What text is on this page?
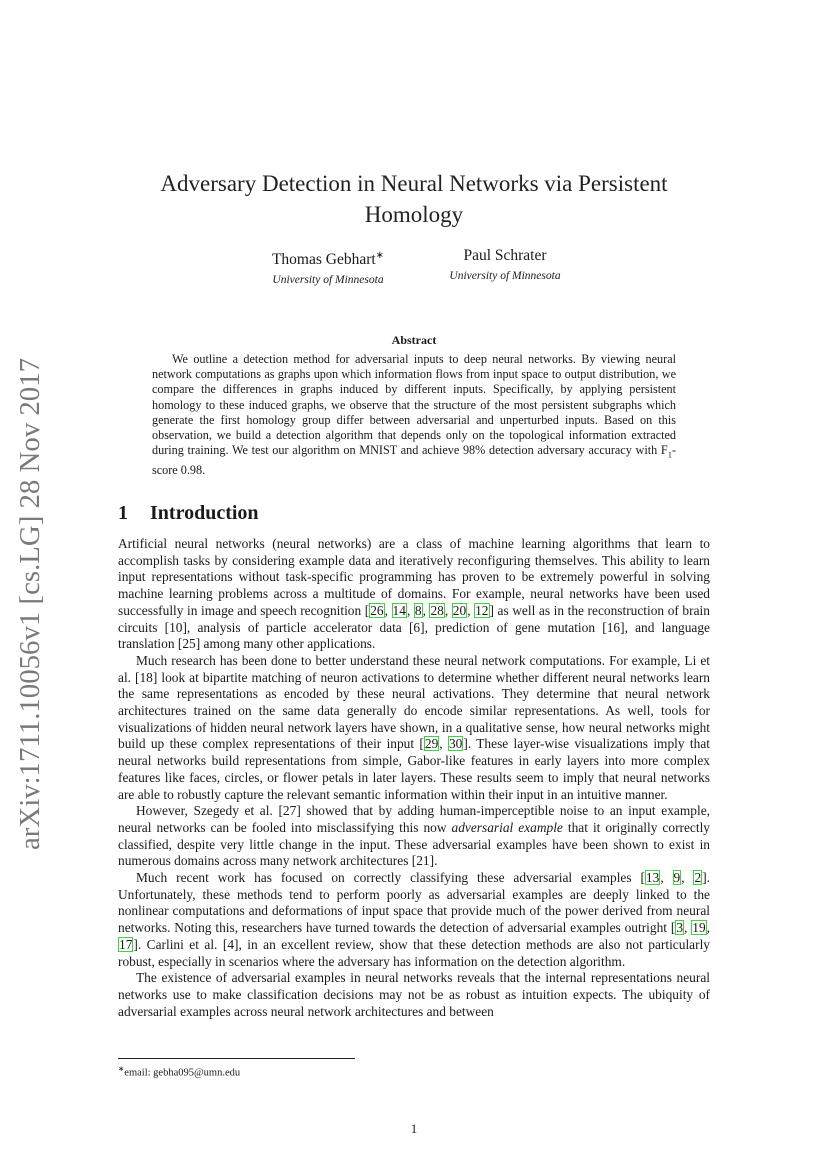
arXiv:1711.10056v1 [cs.LG] 28 Nov 2017
Adversary Detection in Neural Networks via Persistent
Homology
Thomas Gebhart∗
University of Minnesota
Paul Schrater
University of Minnesota
Abstract
We outline a detection method for adversarial inputs to deep neural networks. By viewing neural network computations as graphs upon which information flows from input space to output distribution, we compare the differences in graphs induced by different inputs. Specifically, by applying persistent homology to these induced graphs, we observe that the structure of the most persistent subgraphs which generate the first homology group differ between adversarial and unperturbed inputs. Based on this observation, we build a detection algorithm that depends only on the topological information extracted during training. We test our algorithm on MNIST and achieve 98% detection adversary accuracy with $F_1$-score 0.98.
1 Introduction

Artificial neural networks (neural networks) are a class of machine learning algorithms that learn to accomplish tasks by considering example data and iteratively reconfiguring themselves. This ability to learn input representations without task-specific programming has proven to be extremely powerful in solving machine learning problems across a multitude of domains. For example, neural networks have been used successfully in image and speech recognition [26, 14, 8, 28, 20, 12] as well as in the reconstruction of brain circuits [10], analysis of particle accelerator data [6], prediction of gene mutation [16], and language translation [25] among many other applications.

Much research has been done to better understand these neural network computations. For example, Li et al. [18] look at bipartite matching of neuron activations to determine whether different neural networks learn the same representations as encoded by these neural activations. They determine that neural network architectures trained on the same data generally do encode similar representations. As well, tools for visualizations of hidden neural network layers have shown, in a qualitative sense, how neural networks might build up these complex representations of their input [29, 30]. These layer-wise visualizations imply that neural networks build representations from simple, Gabor-like features in early layers into more complex features like faces, circles, or flower petals in later layers. These results seem to imply that neural networks are able to robustly capture the relevant semantic information within their input in an intuitive manner.

However, Szegedy et al. [27] showed that by adding human-imperceptible noise to an input example, neural networks can be fooled into misclassifying this now adversarial example that it originally correctly classified, despite very little change in the input. These adversarial examples have been shown to exist in numerous domains across many network architectures [21].

Much recent work has focused on correctly classifying these adversarial examples [13, 9, 2]. Unfortunately, these methods tend to perform poorly as adversarial examples are deeply linked to the nonlinear computations and deformations of input space that provide much of the power derived from neural networks. Noting this, researchers have turned towards the detection of adversarial examples outright [3, 19, 17]. Carlini et al. [4], in an excellent review, show that these detection methods are also not particularly robust, especially in scenarios where the adversary has information on the detection algorithm.

The existence of adversarial examples in neural networks reveals that the internal representations neural networks use to make classification decisions may not be as robust as intuition expects. The ubiquity of adversarial examples across neural network architectures and between

∗email: gebha095@umn.edu
1
